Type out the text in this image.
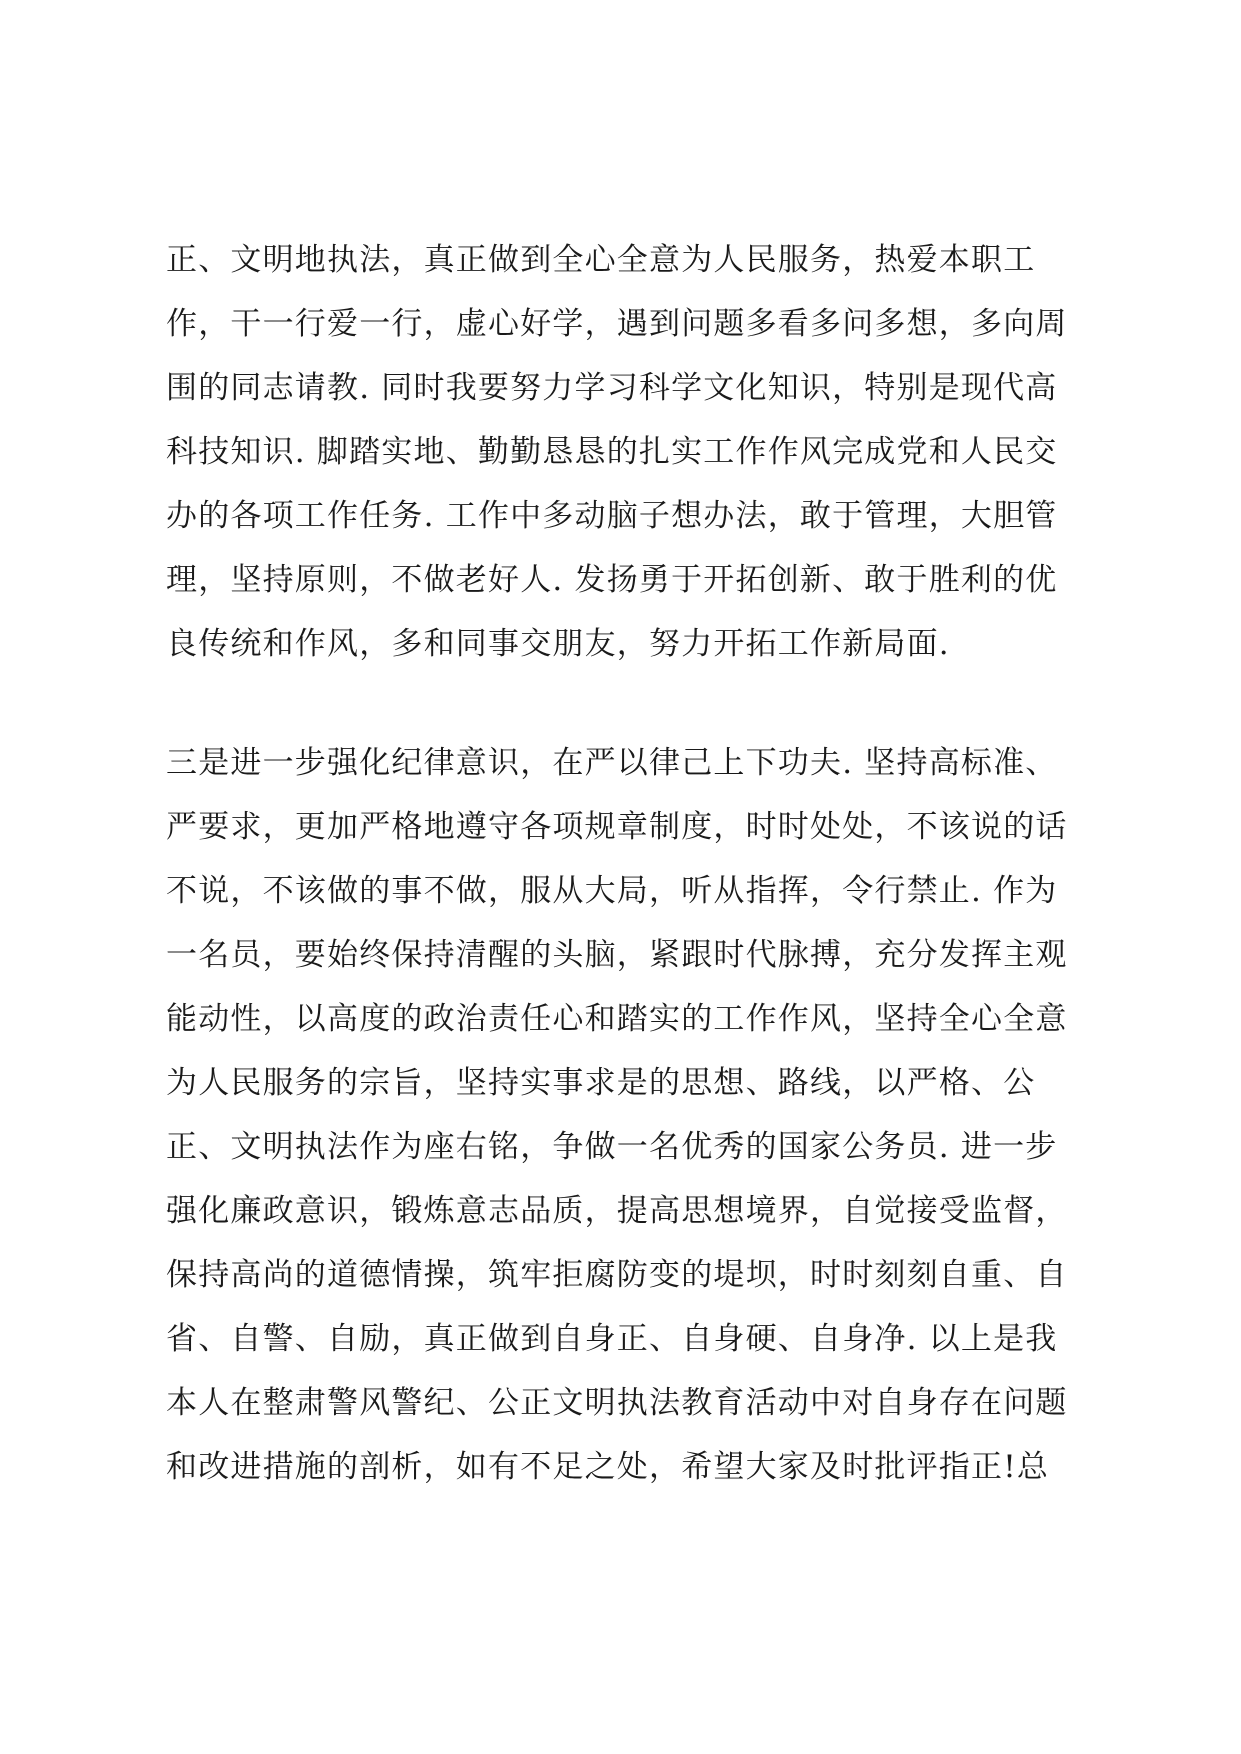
正、文明地执法，真正做到全心全意为人民服务，热爱本职工
作，干一行爱一行，虚心好学，遇到问题多看多问多想，多向周
围的同志请教. 同时我要努力学习科学文化知识，特别是现代高
科技知识. 脚踏实地、勤勤恳恳的扎实工作作风完成党和人民交
办的各项工作任务. 工作中多动脑子想办法，敢于管理，大胆管
理，坚持原则，不做老好人. 发扬勇于开拓创新、敢于胜利的优
良传统和作风，多和同事交朋友，努力开拓工作新局面.
三是进一步强化纪律意识，在严以律己上下功夫. 坚持高标准、
严要求，更加严格地遵守各项规章制度，时时处处，不该说的话
不说，不该做的事不做，服从大局，听从指挥，令行禁止. 作为
一名员，要始终保持清醒的头脑，紧跟时代脉搏，充分发挥主观
能动性，以高度的政治责任心和踏实的工作作风，坚持全心全意
为人民服务的宗旨，坚持实事求是的思想、路线，以严格、公
正、文明执法作为座右铭，争做一名优秀的国家公务员. 进一步
强化廉政意识，锻炼意志品质，提高思想境界，自觉接受监督，
保持高尚的道德情操，筑牢拒腐防变的堤坝，时时刻刻自重、自
省、自警、自励，真正做到自身正、自身硬、自身净. 以上是我
本人在整肃警风警纪、公正文明执法教育活动中对自身存在问题
和改进措施的剖析，如有不足之处，希望大家及时批评指正!总
